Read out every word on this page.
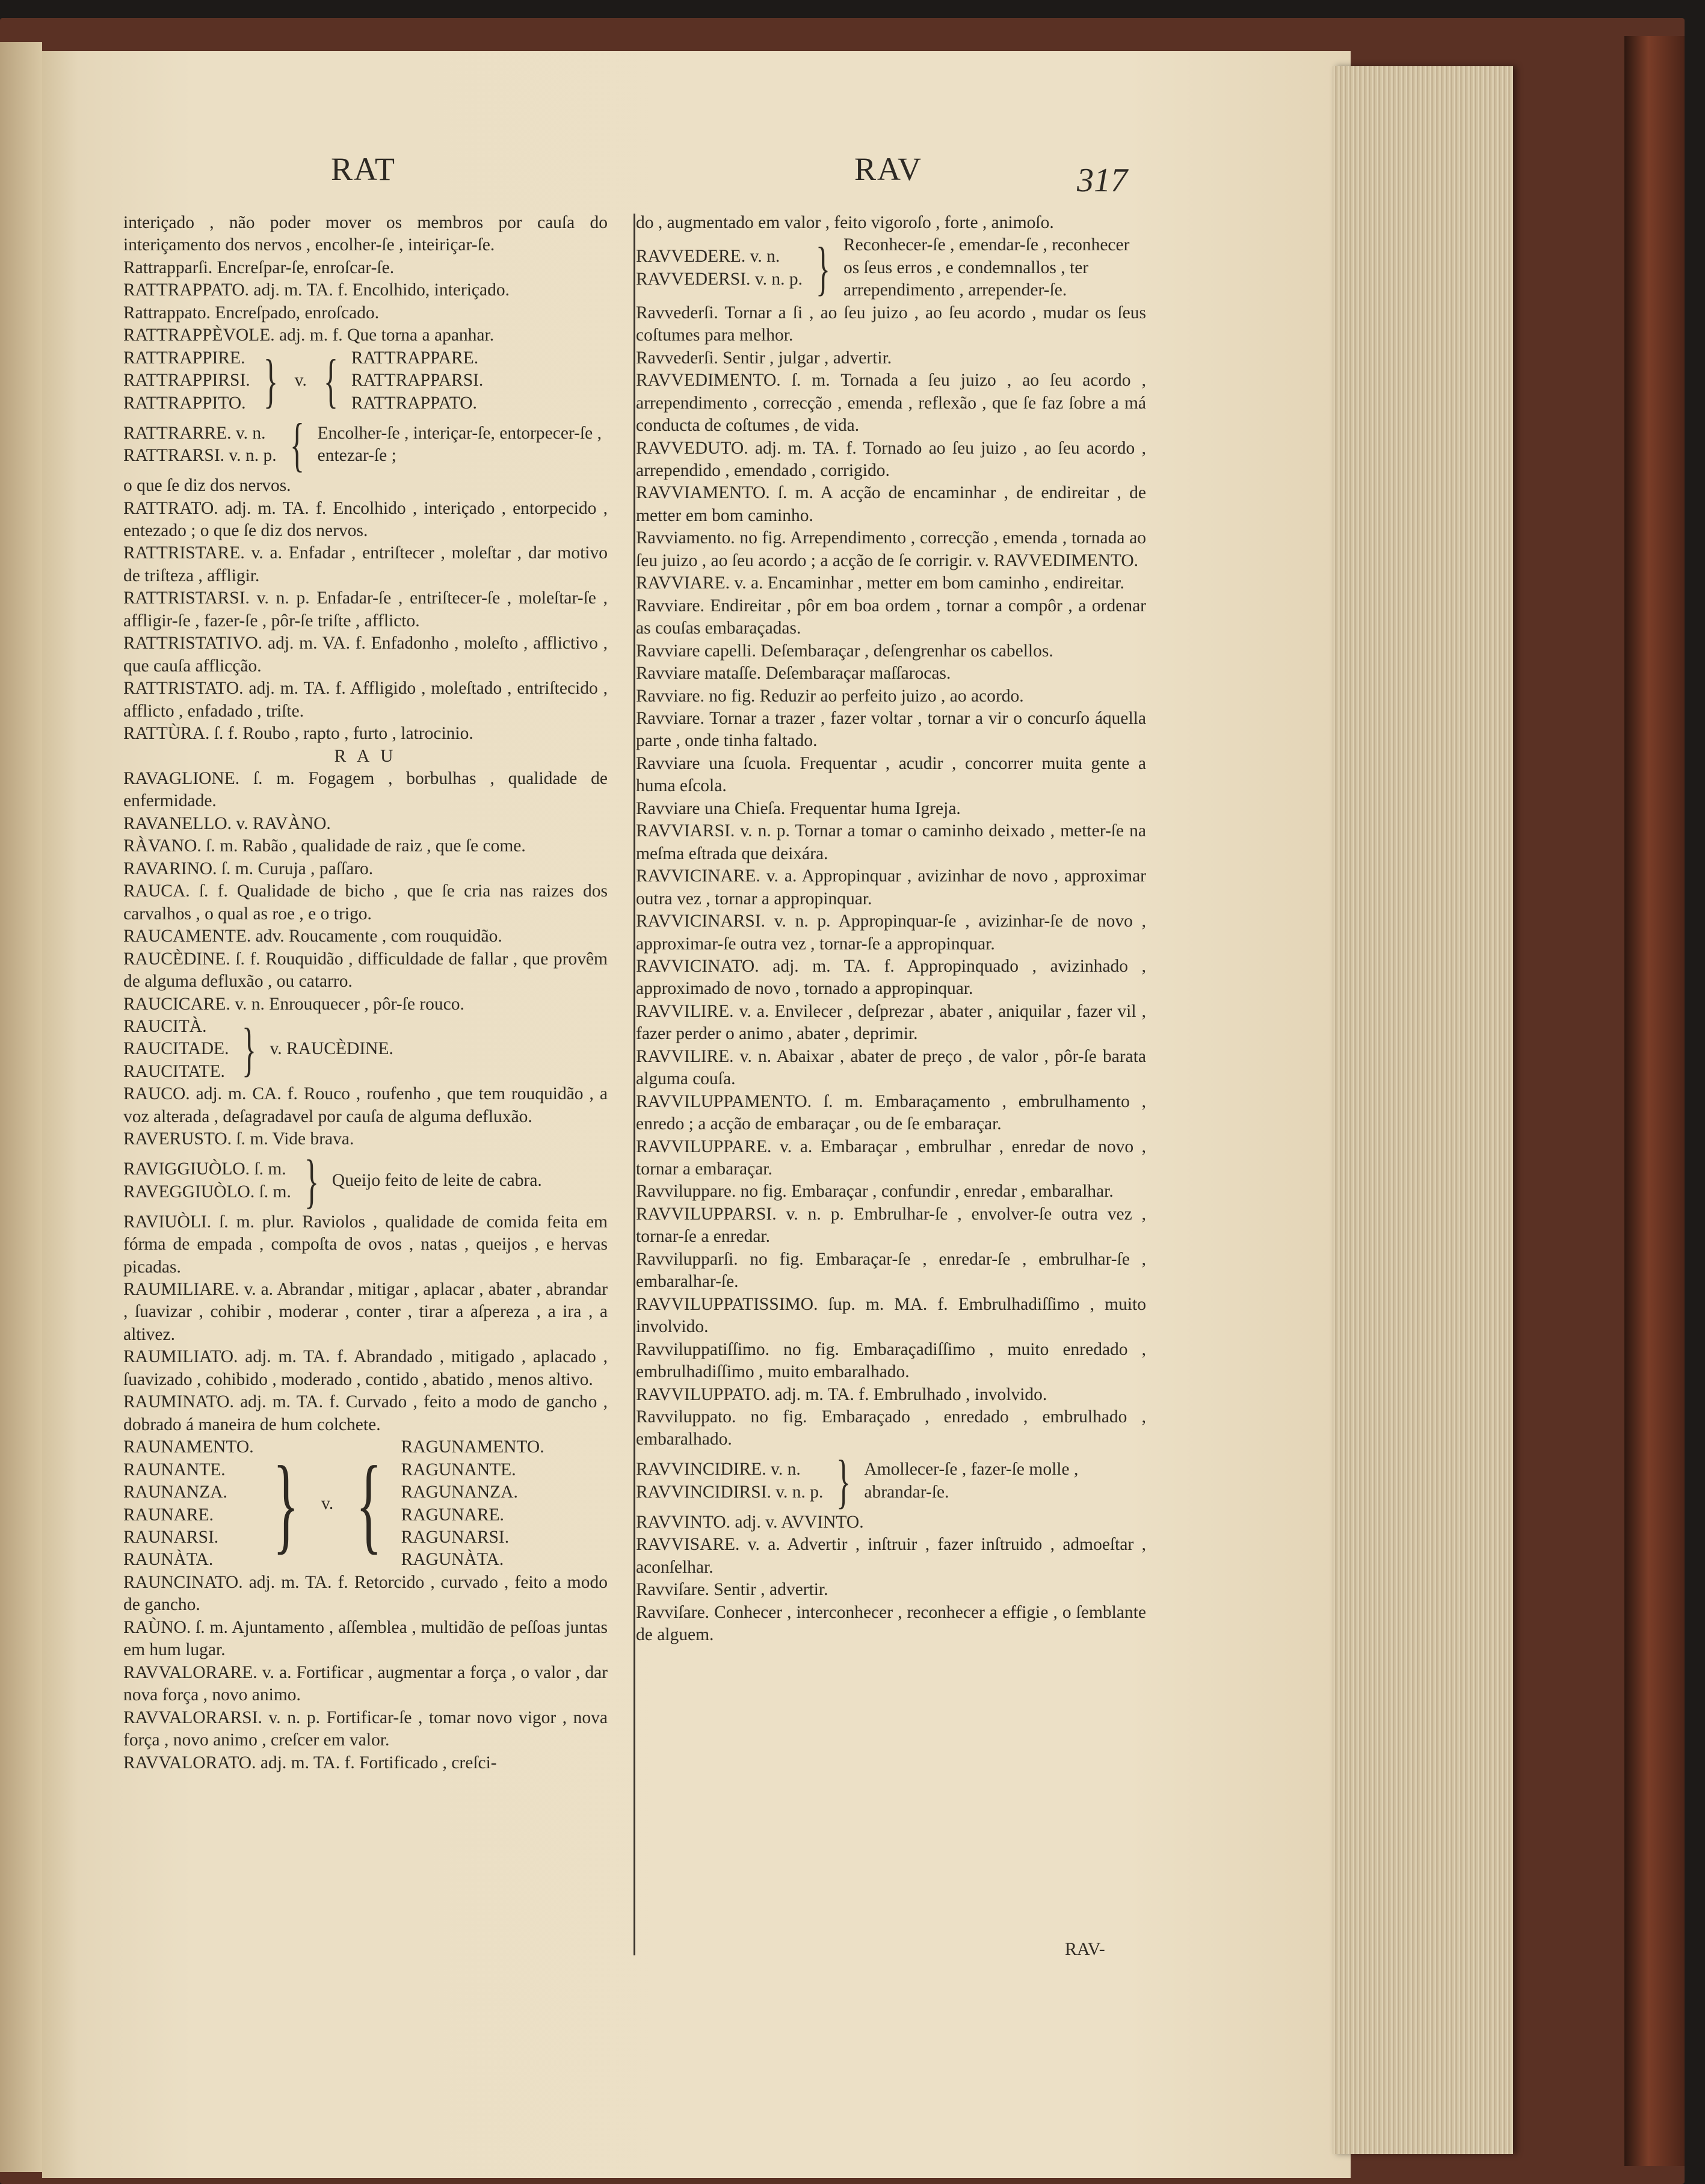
RAT	RAV	317

interiçado , não poder mover os membros por cauſa do interiçamento dos nervos , encolher-ſe , inteiriçar-ſe.

Rattrapparſi. Encreſpar-ſe, enroſcar-ſe.

RATTRAPPATO. adj. m. TA. f. Encolhido, interiçado.

Rattrappato. Encreſpado, enroſcado.

RATTRAPPÈVOLE. adj. m. f. Que torna a apanhar.

RATTRAPPIRE.
RATTRAPPIRSI.
RATTRAPPITO. } v. { RATTRAPPARE.
RATTRAPPARSI.
RATTRAPPATO.
RATTRARRE. v. n.
RATTRARSI. v. n. p. { Encolher-ſe , interiçar-ſe, entorpecer-ſe , entezar-ſe ;

o que ſe diz dos nervos.

RATTRATO. adj. m. TA. f. Encolhido , interiçado , entorpecido , entezado ; o que ſe diz dos nervos.

RATTRISTARE. v. a. Enfadar , entriſtecer , moleſtar , dar motivo de triſteza , affligir.

RATTRISTARSI. v. n. p. Enfadar-ſe , entriſtecer-ſe , moleſtar-ſe , affligir-ſe , fazer-ſe , pôr-ſe triſte , afflicto.

RATTRISTATIVO. adj. m. VA. f. Enfadonho , moleſto , afflictivo , que cauſa afflicção.

RATTRISTATO. adj. m. TA. f. Affligido , moleſtado , entriſtecido , afflicto , enfadado , triſte.

RATTÙRA. ſ. f. Roubo , rapto , furto , latrocinio.

R A U

RAVAGLIONE. ſ. m. Fogagem , borbulhas , qualidade de enfermidade.

RAVANELLO. v. RAVÀNO.

RÀVANO. ſ. m. Rabão , qualidade de raiz , que ſe come.

RAVARINO. ſ. m. Curuja , paſſaro.

RAUCA. ſ. f. Qualidade de bicho , que ſe cria nas raizes dos carvalhos , o qual as roe , e o trigo.

RAUCAMENTE. adv. Roucamente , com rouquidão.

RAUCÈDINE. ſ. f. Rouquidão , difficuldade de fallar , que provêm de alguma defluxão , ou catarro.

RAUCICARE. v. n. Enrouquecer , pôr-ſe rouco.

RAUCITÀ.
RAUCITADE.
RAUCITATE. } v. RAUCÈDINE.

RAUCO. adj. m. CA. f. Rouco , roufenho , que tem rouquidão , a voz alterada , deſagradavel por cauſa de alguma defluxão.

RAVERUSTO. ſ. m. Vide brava.

RAVIGGIUÒLO. ſ. m.
RAVEGGIUÒLO. ſ. m. } Queijo feito de leite de cabra.

RAVIUÒLI. ſ. m. plur. Raviolos , qualidade de comida feita em fórma de empada , compoſta de ovos , natas , queijos , e hervas picadas.

RAUMILIARE. v. a. Abrandar , mitigar , aplacar , abater , abrandar , ſuavizar , cohibir , moderar , conter , tirar a aſpereza , a ira , a altivez.

RAUMILIATO. adj. m. TA. f. Abrandado , mitigado , aplacado , ſuavizado , cohibido , moderado , contido , abatido , menos altivo.

RAUMINATO. adj. m. TA. f. Curvado , feito a modo de gancho , dobrado á maneira de hum colchete.

RAUNAMENTO.
RAUNANTE.
RAUNANZA.
RAUNARE.
RAUNARSI.
RAUNÀTA. } v. { RAGUNAMENTO.
RAGUNANTE.
RAGUNANZA.
RAGUNARE.
RAGUNARSI.
RAGUNÀTA.

RAUNCINATO. adj. m. TA. f. Retorcido , curvado , feito a modo de gancho.

RAÙNO. ſ. m. Ajuntamento , aſſemblea , multidão de peſſoas juntas em hum lugar.

RAVVALORARE. v. a. Fortificar , augmentar a força , o valor , dar nova força , novo animo.

RAVVALORARSI. v. n. p. Fortificar-ſe , tomar novo vigor , nova força , novo animo , creſcer em valor.

RAVVALORATO. adj. m. TA. f. Fortificado , creſci-

do , augmentado em valor , feito vigoroſo , forte , animoſo.

RAVVEDERE. v. n.
RAVVEDERSI. v. n. p. } Reconhecer-ſe , emendar-ſe , reconhecer os ſeus erros , e condemnallos , ter arrependimento , arrepender-ſe.

Ravvederſi. Tornar a ſi , ao ſeu juizo , ao ſeu acordo , mudar os ſeus coſtumes para melhor.

Ravvederſi. Sentir , julgar , advertir.

RAVVEDIMENTO. ſ. m. Tornada a ſeu juizo , ao ſeu acordo , arrependimento , correcção , emenda , reflexão , que ſe faz ſobre a má conducta de coſtumes , de vida.

RAVVEDUTO. adj. m. TA. f. Tornado ao ſeu juizo , ao ſeu acordo , arrependido , emendado , corrigido.

RAVVIAMENTO. ſ. m. A acção de encaminhar , de endireitar , de metter em bom caminho.

Ravviamento. no fig. Arrependimento , correcção , emenda , tornada ao ſeu juizo , ao ſeu acordo ; a acção de ſe corrigir. v. RAVVEDIMENTO.

RAVVIARE. v. a. Encaminhar , metter em bom caminho , endireitar.

Ravviare. Endireitar , pôr em boa ordem , tornar a compôr , a ordenar as couſas embaraçadas.

Ravviare capelli. Deſembaraçar , deſengrenhar os cabellos.

Ravviare mataſſe. Deſembaraçar maſſarocas.

Ravviare. no fig. Reduzir ao perfeito juizo , ao acordo.

Ravviare. Tornar a trazer , fazer voltar , tornar a vir o concurſo áquella parte , onde tinha faltado.

Ravviare una ſcuola. Frequentar , acudir , concorrer muita gente a huma eſcola.

Ravviare una Chieſa. Frequentar huma Igreja.

RAVVIARSI. v. n. p. Tornar a tomar o caminho deixado , metter-ſe na meſma eſtrada que deixára.

RAVVICINARE. v. a. Appropinquar , avizinhar de novo , approximar outra vez , tornar a appropinquar.

RAVVICINARSI. v. n. p. Appropinquar-ſe , avizinhar-ſe de novo , approximar-ſe outra vez , tornar-ſe a appropinquar.

RAVVICINATO. adj. m. TA. f. Appropinquado , avizinhado , approximado de novo , tornado a appropinquar.

RAVVILIRE. v. a. Envilecer , deſprezar , abater , aniquilar , fazer vil , fazer perder o animo , abater , deprimir.

RAVVILIRE. v. n. Abaixar , abater de preço , de valor , pôr-ſe barata alguma couſa.

RAVVILUPPAMENTO. ſ. m. Embaraçamento , embrulhamento , enredo ; a acção de embaraçar , ou de ſe embaraçar.

RAVVILUPPARE. v. a. Embaraçar , embrulhar , enredar de novo , tornar a embaraçar.

Ravviluppare. no fig. Embaraçar , confundir , enredar , embaralhar.

RAVVILUPPARSI. v. n. p. Embrulhar-ſe , envolver-ſe outra vez , tornar-ſe a enredar.

Ravvilupparſi. no fig. Embaraçar-ſe , enredar-ſe , embrulhar-ſe , embaralhar-ſe.

RAVVILUPPATISSIMO. ſup. m. MA. f. Embrulhadiſſimo , muito involvido.

Ravviluppatiſſimo. no fig. Embaraçadiſſimo , muito enredado , embrulhadiſſimo , muito embaralhado.

RAVVILUPPATO. adj. m. TA. f. Embrulhado , involvido.

Ravviluppato. no fig. Embaraçado , enredado , embrulhado , embaralhado.

RAVVINCIDIRE. v. n.
RAVVINCIDIRSI. v. n. p. } Amollecer-ſe , fazer-ſe molle , abrandar-ſe.

RAVVINTO. adj. v. AVVINTO.

RAVVISARE. v. a. Advertir , inſtruir , fazer inſtruido , admoeſtar , aconſelhar.

Ravviſare. Sentir , advertir.

Ravviſare. Conhecer , interconhecer , reconhecer a effigie , o ſemblante de alguem.

RAV-
